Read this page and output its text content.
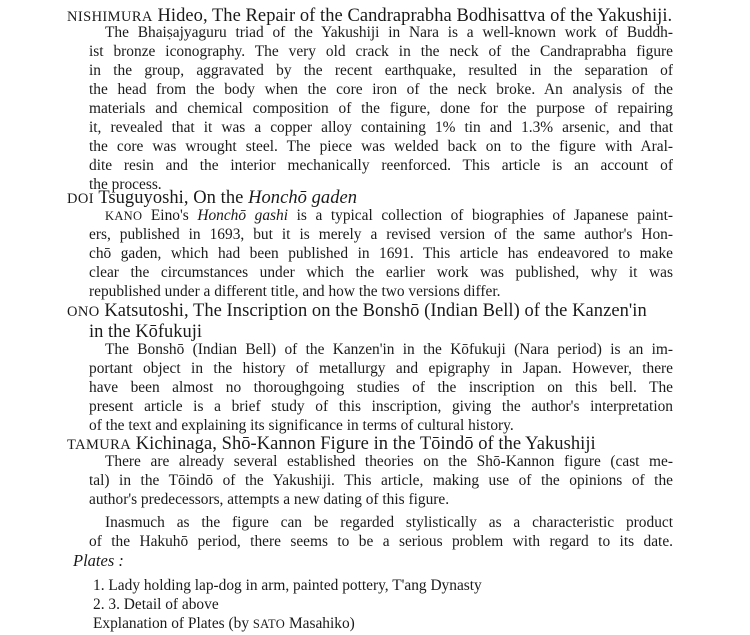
NISHIMURA Hideo, The Repair of the Candraprabha Bodhisattva of the Yakushiji.
The Bhaiṣajyaguru triad of the Yakushiji in Nara is a well-known work of Buddh-
ist bronze iconography. The very old crack in the neck of the Candraprabha figure
in the group, aggravated by the recent earthquake, resulted in the separation of
the head from the body when the core iron of the neck broke. An analysis of the
materials and chemical composition of the figure, done for the purpose of repairing
it, revealed that it was a copper alloy containing 1% tin and 1.3% arsenic, and that
the core was wrought steel. The piece was welded back on to the figure with Aral-
dite resin and the interior mechanically reenforced. This article is an account of
the process.
DOI Tsuguyoshi, On the Honchō gaden
KANO Eino's Honchō gashi is a typical collection of biographies of Japanese paint-
ers, published in 1693, but it is merely a revised version of the same author's Hon-
chō gaden, which had been published in 1691. This article has endeavored to make
clear the circumstances under which the earlier work was published, why it was
republished under a different title, and how the two versions differ.
ONO Katsutoshi, The Inscription on the Bonshō (Indian Bell) of the Kanzen'in
in the Kōfukuji
The Bonshō (Indian Bell) of the Kanzen'in in the Kōfukuji (Nara period) is an im-
portant object in the history of metallurgy and epigraphy in Japan. However, there
have been almost no thoroughgoing studies of the inscription on this bell. The
present article is a brief study of this inscription, giving the author's interpretation
of the text and explaining its significance in terms of cultural history.
TAMURA Kichinaga, Shō-Kannon Figure in the Tōindō of the Yakushiji
There are already several established theories on the Shō-Kannon figure (cast me-
tal) in the Tōindō of the Yakushiji. This article, making use of the opinions of the
author's predecessors, attempts a new dating of this figure.
Inasmuch as the figure can be regarded stylistically as a characteristic product
of the Hakuhō period, there seems to be a serious problem with regard to its date.
Plates :
1. Lady holding lap-dog in arm, painted pottery, T'ang Dynasty
2. 3. Detail of above
Explanation of Plates (by SATO Masahiko)
